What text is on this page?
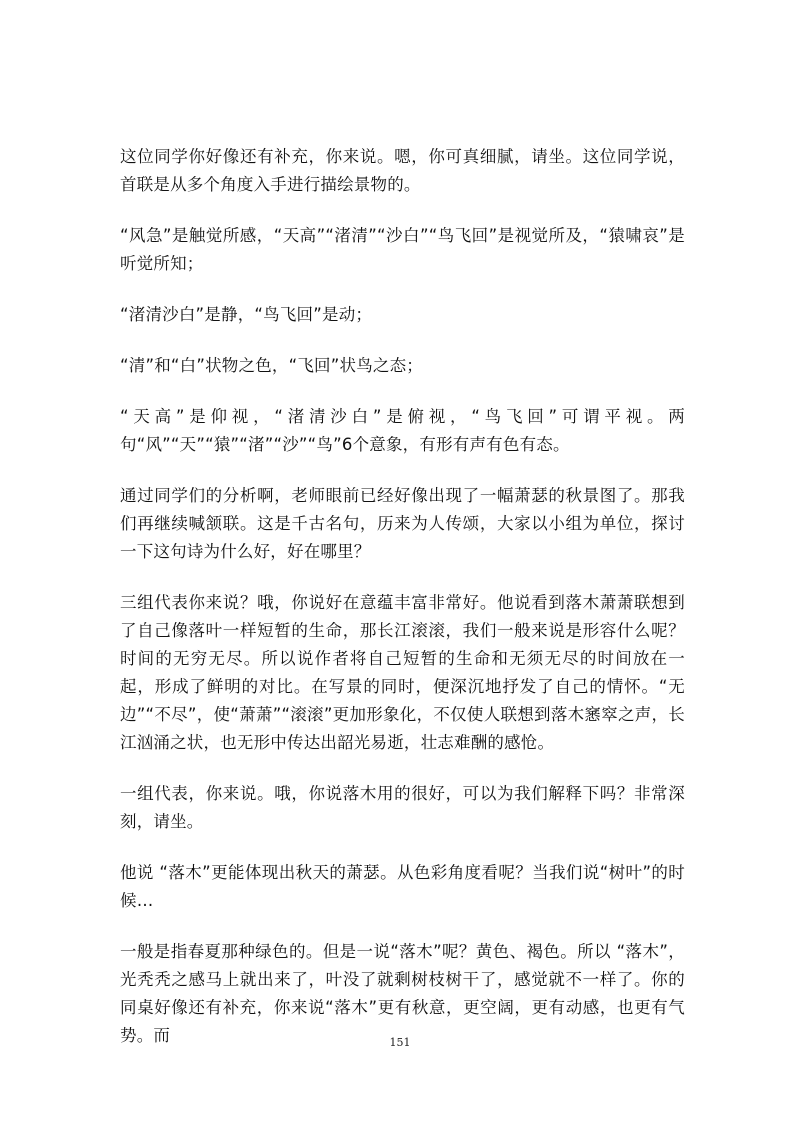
这位同学你好像还有补充，你来说。嗯，你可真细腻，请坐。这位同学说，首联是从多个角度入手进行描绘景物的。

“风急”是触觉所感，“天高”“渚清”“沙白”“鸟飞回”是视觉所及，“猿啸哀”是听觉所知；

“渚清沙白”是静，“鸟飞回”是动；

“清”和“白”状物之色，“飞回”状鸟之态；

“天高”是仰视，“渚清沙白”是俯视，“鸟飞回”可谓平视。两句“风”“天”“猿”“渚”“沙”“鸟”6个意象，有形有声有色有态。

通过同学们的分析啊，老师眼前已经好像出现了一幅萧瑟的秋景图了。那我们再继续喊颔联。这是千古名句，历来为人传颂，大家以小组为单位，探讨一下这句诗为什么好，好在哪里？

三组代表你来说？哦，你说好在意蕴丰富非常好。他说看到落木萧萧联想到了自己像落叶一样短暂的生命，那长江滚滚，我们一般来说是形容什么呢？时间的无穷无尽。所以说作者将自己短暂的生命和无须无尽的时间放在一起，形成了鲜明的对比。在写景的同时，便深沉地抒发了自己的情怀。“无边”“不尽”，使“萧萧”“滚滚”更加形象化，不仅使人联想到落木窸窣之声，长江汹涌之状，也无形中传达出韶光易逝，壮志难酬的感怆。

一组代表，你来说。哦，你说落木用的很好，可以为我们解释下吗？非常深刻，请坐。

他说 “落木”更能体现出秋天的萧瑟。从色彩角度看呢？当我们说“树叶”的时候…

一般是指春夏那种绿色的。但是一说“落木”呢？黄色、褐色。所以 “落木”，光秃秃之感马上就出来了，叶没了就剩树枝树干了，感觉就不一样了。你的同桌好像还有补充，你来说“落木”更有秋意，更空阔，更有动感，也更有气势。而	151
